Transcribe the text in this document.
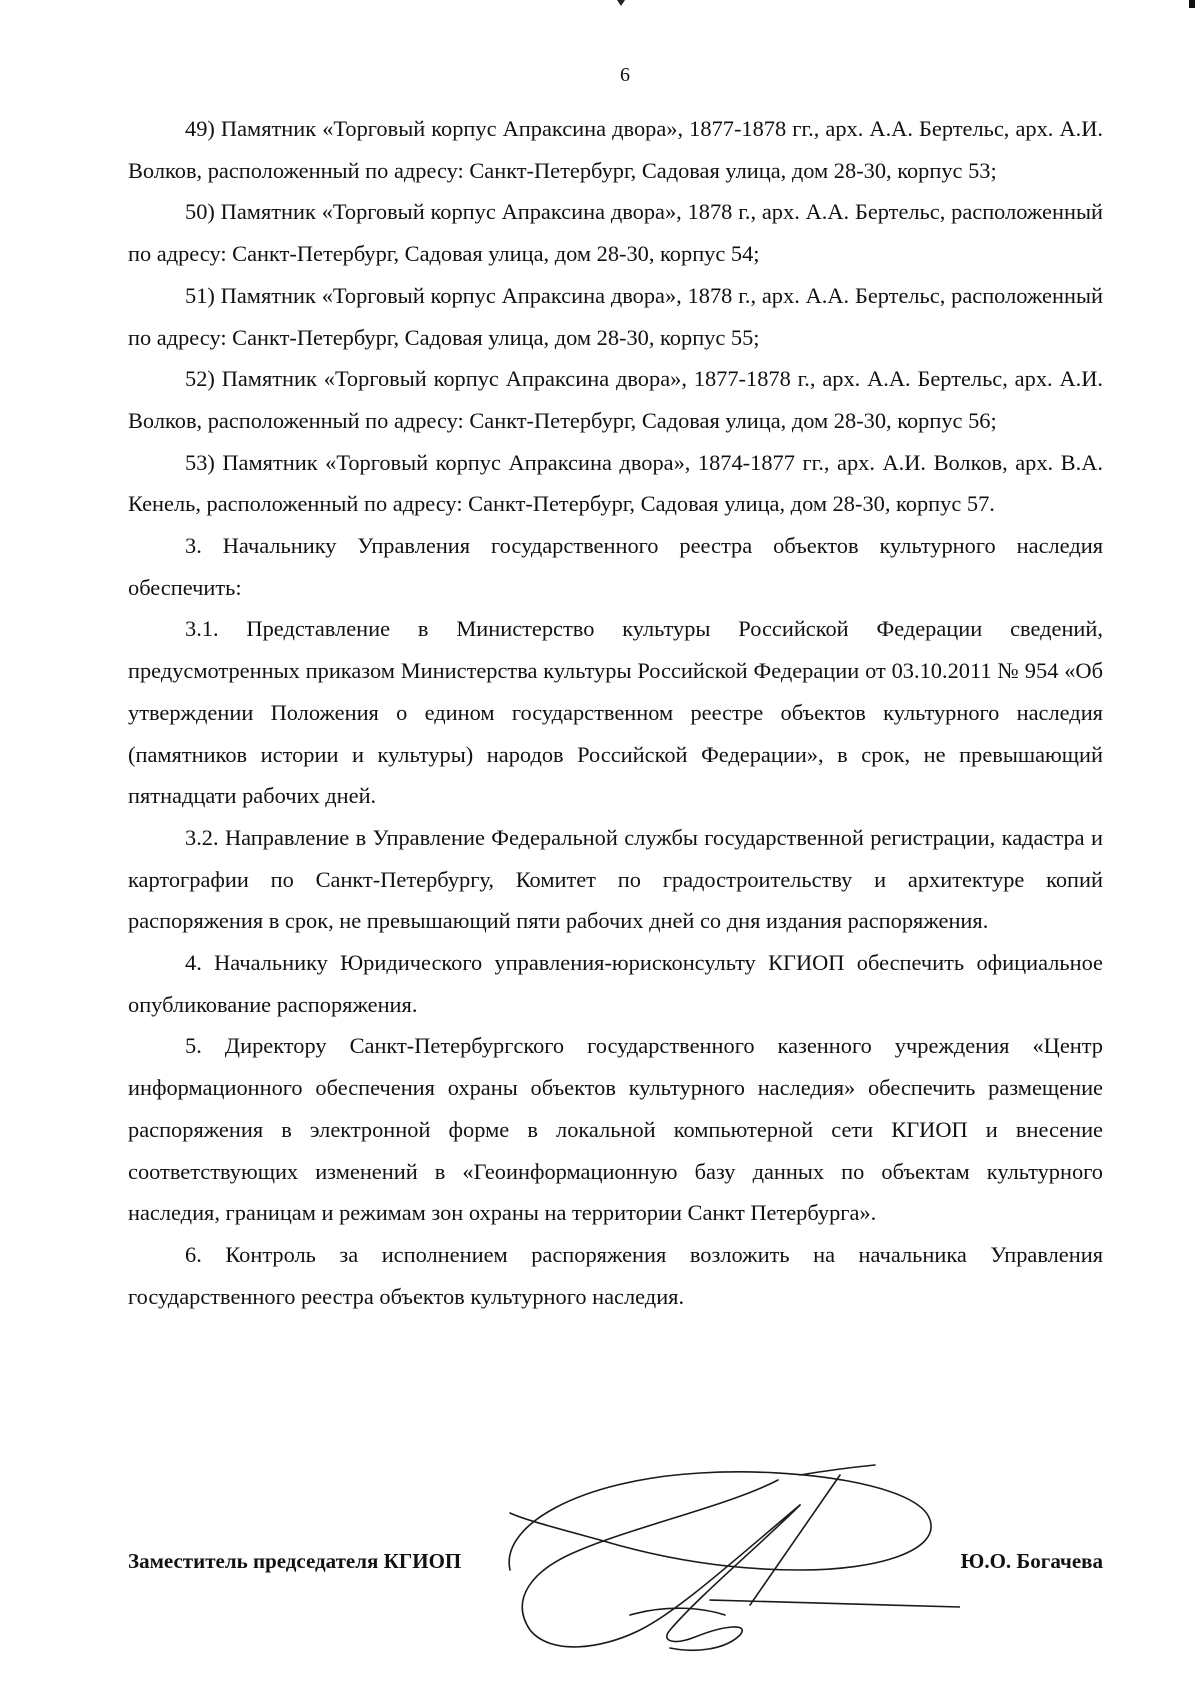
6

49) Памятник «Торговый корпус Апраксина двора», 1877-1878 гг., арх. А.А. Бертельс, арх. А.И. Волков, расположенный по адресу: Санкт-Петербург, Садовая улица, дом 28-30, корпус 53;

50) Памятник «Торговый корпус Апраксина двора», 1878 г., арх. А.А. Бертельс, расположенный по адресу: Санкт-Петербург, Садовая улица, дом 28-30, корпус 54;

51) Памятник «Торговый корпус Апраксина двора», 1878 г., арх. А.А. Бертельс, расположенный по адресу: Санкт-Петербург, Садовая улица, дом 28-30, корпус 55;

52) Памятник «Торговый корпус Апраксина двора», 1877-1878 г., арх. А.А. Бертельс, арх. А.И. Волков, расположенный по адресу: Санкт-Петербург, Садовая улица, дом 28-30, корпус 56;

53) Памятник «Торговый корпус Апраксина двора», 1874-1877 гг., арх. А.И. Волков, арх. В.А. Кенель, расположенный по адресу: Санкт-Петербург, Садовая улица, дом 28-30, корпус 57.

3. Начальнику Управления государственного реестра объектов культурного наследия обеспечить:

3.1. Представление в Министерство культуры Российской Федерации сведений, предусмотренных приказом Министерства культуры Российской Федерации от 03.10.2011 № 954 «Об утверждении Положения о едином государственном реестре объектов культурного наследия (памятников истории и культуры) народов Российской Федерации», в срок, не превышающий пятнадцати рабочих дней.

3.2. Направление в Управление Федеральной службы государственной регистрации, кадастра и картографии по Санкт-Петербургу, Комитет по градостроительству и архитектуре копий распоряжения в срок, не превышающий пяти рабочих дней со дня издания распоряжения.

4. Начальнику Юридического управления-юрисконсульту КГИОП обеспечить официальное опубликование распоряжения.

5. Директору Санкт-Петербургского государственного казенного учреждения «Центр информационного обеспечения охраны объектов культурного наследия» обеспечить размещение распоряжения в электронной форме в локальной компьютерной сети КГИОП и внесение соответствующих изменений в «Геоинформационную базу данных по объектам культурного наследия, границам и режимам зон охраны на территории Санкт Петербурга».

6. Контроль за исполнением распоряжения возложить на начальника Управления государственного реестра объектов культурного наследия.

Заместитель председателя КГИОП	Ю.О. Богачева
